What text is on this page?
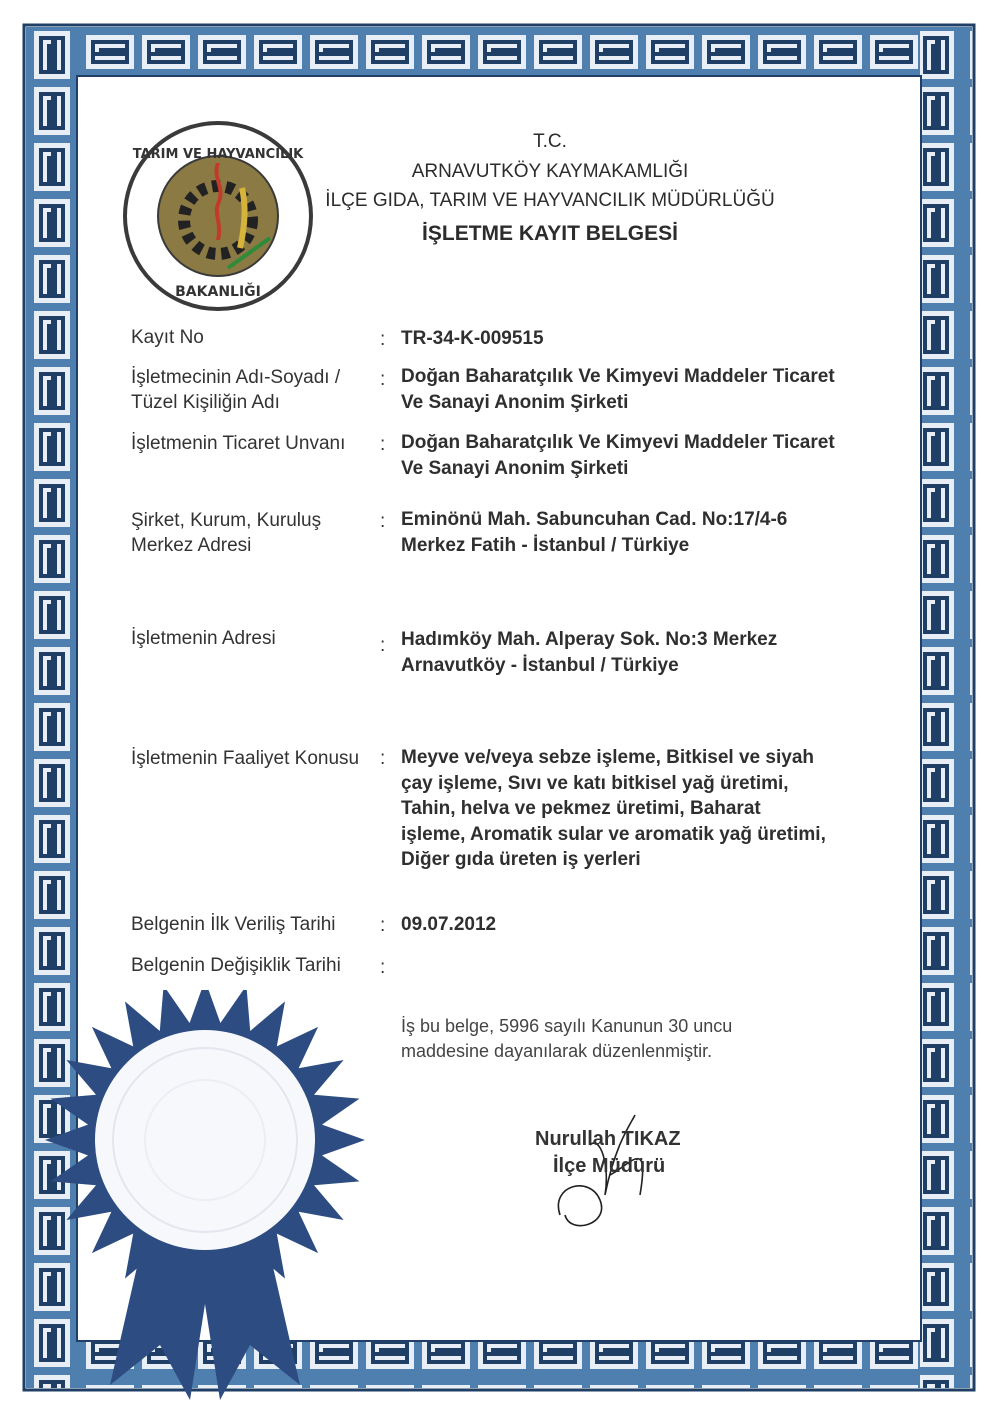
TARIM VE HAYVANCILIK
BAKANLIĞI
T.C.
ARNAVUTKÖY KAYMAKAMLIĞI
İLÇE GIDA, TARIM VE HAYVANCILIK MÜDÜRLÜĞÜ
İŞLETME KAYIT BELGESİ
Kayıt No	: TR-34-K-009515
İşletmecinin Adı-Soyadı / Tüzel Kişiliğin Adı
: Doğan Baharatçılık Ve Kimyevi Maddeler Ticaret Ve Sanayi Anonim Şirketi
İşletmenin Ticaret Unvanı	: Doğan Baharatçılık Ve Kimyevi Maddeler Ticaret Ve Sanayi Anonim Şirketi
Şirket, Kurum, Kuruluş Merkez Adresi
: Eminönü Mah. Sabuncuhan Cad. No:17/4-6 Merkez Fatih - İstanbul / Türkiye
İşletmenin Adresi	: Hadımköy Mah. Alperay Sok. No:3 Merkez Arnavutköy - İstanbul / Türkiye
İşletmenin Faaliyet Konusu	: Meyve ve/veya sebze işleme, Bitkisel ve siyah çay işleme, Sıvı ve katı bitkisel yağ üretimi, Tahin, helva ve pekmez üretimi, Baharat işleme, Aromatik sular ve aromatik yağ üretimi, Diğer gıda üreten iş yerleri
Belgenin İlk Veriliş Tarihi	: 09.07.2012
Belgenin Değişiklik Tarihi	:
İş bu belge, 5996 sayılı Kanunun 30 uncu maddesine dayanılarak düzenlenmiştir.
Nurullah TIKAZ
İlçe Müdürü
